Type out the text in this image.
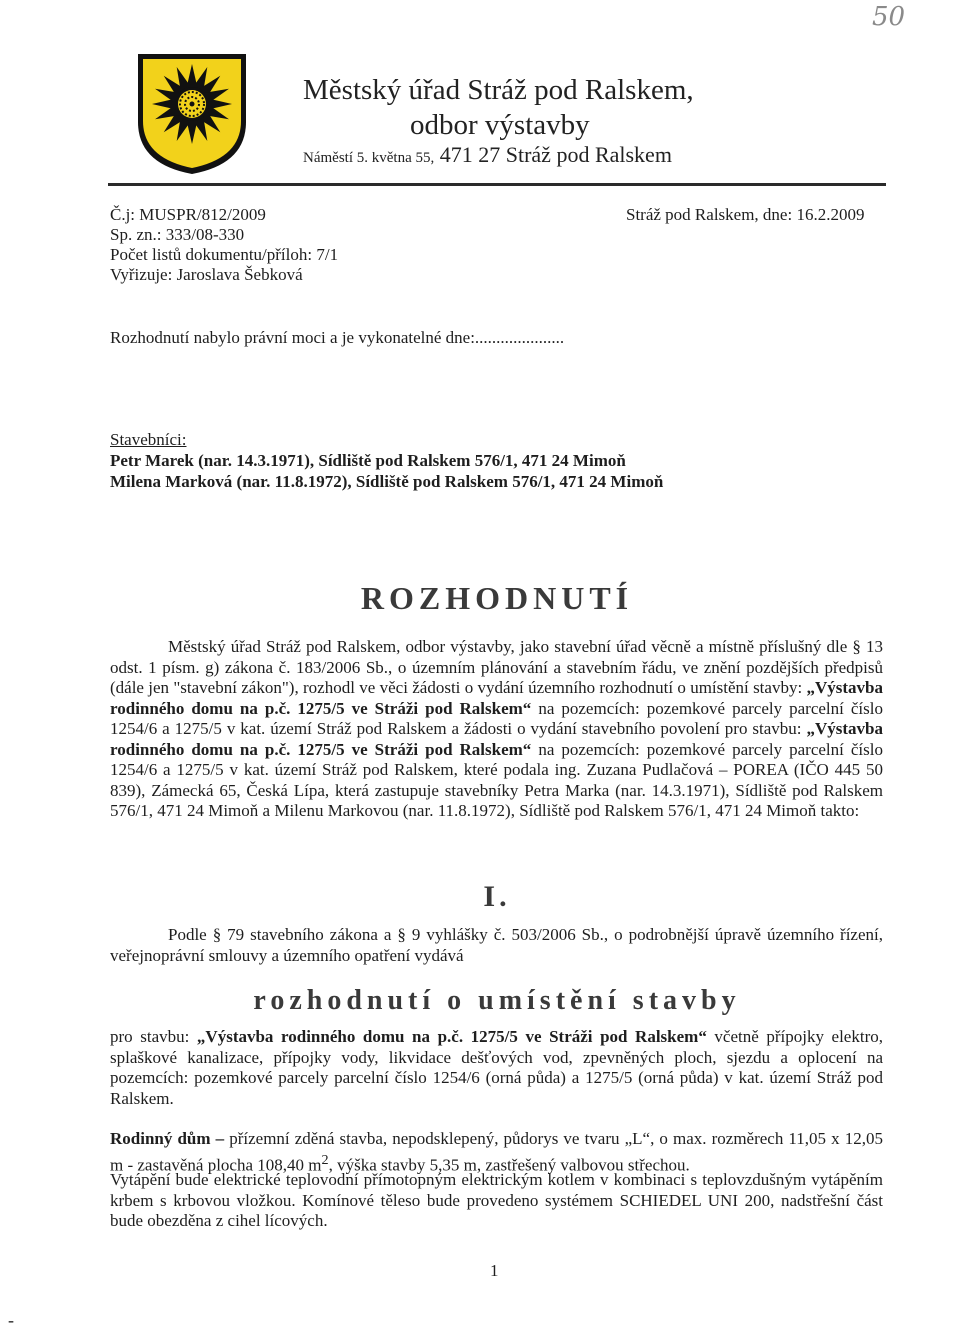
50
Městský úřad Stráž pod Ralskem,
odbor výstavby
Náměstí 5. května 55, 471 27 Stráž pod Ralskem
Č.j: MUSPR/812/2009
Sp. zn.: 333/08-330
Počet listů dokumentu/příloh: 7/1
Vyřizuje: Jaroslava Šebková
Stráž pod Ralskem, dne: 16.2.2009
Rozhodnutí nabylo právní moci a je vykonatelné dne:.....................
Stavebníci:
Petr Marek (nar. 14.3.1971), Sídliště pod Ralskem 576/1, 471 24 Mimoň
Milena Marková (nar. 11.8.1972), Sídliště pod Ralskem 576/1, 471 24 Mimoň
ROZHODNUTÍ
Městský úřad Stráž pod Ralskem, odbor výstavby, jako stavební úřad věcně a místně příslušný dle § 13 odst. 1 písm. g) zákona č. 183/2006 Sb., o územním plánování a stavebním řádu, ve znění pozdějších předpisů (dále jen "stavební zákon"), rozhodl ve věci žádosti o vydání územního rozhodnutí o umístění stavby: „Výstavba rodinného domu na p.č. 1275/5 ve Stráži pod Ralskem“ na pozemcích: pozemkové parcely parcelní číslo 1254/6 a 1275/5 v kat. území Stráž pod Ralskem a žádosti o vydání stavebního povolení pro stavbu: „Výstavba rodinného domu na p.č. 1275/5 ve Stráži pod Ralskem“ na pozemcích: pozemkové parcely parcelní číslo 1254/6 a 1275/5 v kat. území Stráž pod Ralskem, které podala ing. Zuzana Pudlačová – POREA (IČO 445 50 839), Zámecká 65, Česká Lípa, která zastupuje stavebníky Petra Marka (nar. 14.3.1971), Sídliště pod Ralskem 576/1, 471 24 Mimoň a Milenu Markovou (nar. 11.8.1972), Sídliště pod Ralskem 576/1, 471 24 Mimoň takto:
I.
Podle § 79 stavebního zákona a § 9 vyhlášky č. 503/2006 Sb., o podrobnější úpravě územního řízení, veřejnoprávní smlouvy a územního opatření vydává
rozhodnutí o umístění stavby
pro stavbu: „Výstavba rodinného domu na p.č. 1275/5 ve Stráži pod Ralskem“ včetně přípojky elektro, splaškové kanalizace, přípojky vody, likvidace dešťových vod, zpevněných ploch, sjezdu a oplocení na pozemcích: pozemkové parcely parcelní číslo 1254/6 (orná půda) a 1275/5 (orná půda) v kat. území Stráž pod Ralskem.
Rodinný dům – přízemní zděná stavba, nepodsklepený, půdorys ve tvaru „L“, o max. rozměrech 11,05 x 12,05 m - zastavěná plocha 108,40 $m^2$, výška stavby 5,35 m, zastřešený valbovou střechou.
Vytápění bude elektrické teplovodní přímotopným elektrickým kotlem v kombinaci s teplovzdušným vytápěním krbem s krbovou vložkou. Komínové těleso bude provedeno systémem SCHIEDEL UNI 200, nadstřešní část bude obezděna z cihel lícových.
1
-
